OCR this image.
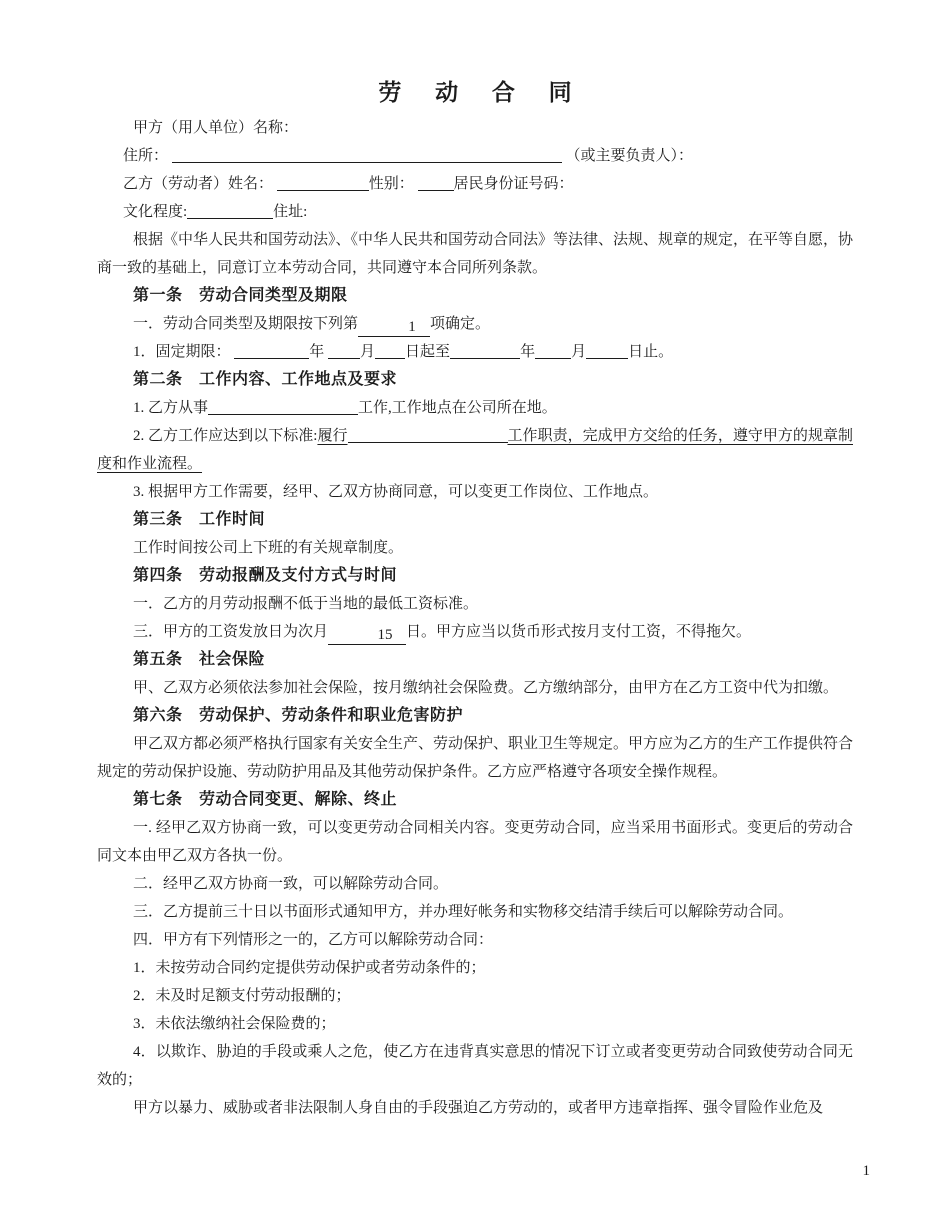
劳 动 合 同

甲方（用人单位）名称：

住所：	（或主要负责人）：

乙方（劳动者）姓名：	性别： 居民身份证号码：

文化程度:	住址:

根据《中华人民共和国劳动法》、《中华人民共和国劳动合同法》等法律、法规、规章的规定，在平等自愿，协商一致的基础上，同意订立本劳动合同，共同遵守本合同所列条款。

第一条　劳动合同类型及期限

一．劳动合同类型及期限按下列第	1 项确定。

1．固定期限：	年 月 日起至	年 月	日止。

第二条　工作内容、工作地点及要求

1. 乙方从事	工作,工作地点在公司所在地。

2. 乙方工作应达到以下标准:履行	工作职责，完成甲方交给的任务，遵守甲方的规章制度和作业流程。

3. 根据甲方工作需要，经甲、乙双方协商同意，可以变更工作岗位、工作地点。

第三条　工作时间

工作时间按公司上下班的有关规章制度。

第四条　劳动报酬及支付方式与时间

一．乙方的月劳动报酬不低于当地的最低工资标准。

三．甲方的工资发放日为次月	15 日。甲方应当以货币形式按月支付工资，不得拖欠。

第五条　社会保险

甲、乙双方必须依法参加社会保险，按月缴纳社会保险费。乙方缴纳部分，由甲方在乙方工资中代为扣缴。

第六条　劳动保护、劳动条件和职业危害防护

甲乙双方都必须严格执行国家有关安全生产、劳动保护、职业卫生等规定。甲方应为乙方的生产工作提供符合规定的劳动保护设施、劳动防护用品及其他劳动保护条件。乙方应严格遵守各项安全操作规程。

第七条　劳动合同变更、解除、终止

一. 经甲乙双方协商一致，可以变更劳动合同相关内容。变更劳动合同，应当采用书面形式。变更后的劳动合同文本由甲乙双方各执一份。

二．经甲乙双方协商一致，可以解除劳动合同。

三．乙方提前三十日以书面形式通知甲方，并办理好帐务和实物移交结清手续后可以解除劳动合同。

四．甲方有下列情形之一的，乙方可以解除劳动合同：

1．未按劳动合同约定提供劳动保护或者劳动条件的；

2．未及时足额支付劳动报酬的；

3．未依法缴纳社会保险费的；

4．以欺诈、胁迫的手段或乘人之危，使乙方在违背真实意思的情况下订立或者变更劳动合同致使劳动合同无效的；

甲方以暴力、威胁或者非法限制人身自由的手段强迫乙方劳动的，或者甲方违章指挥、强令冒险作业危及

1
